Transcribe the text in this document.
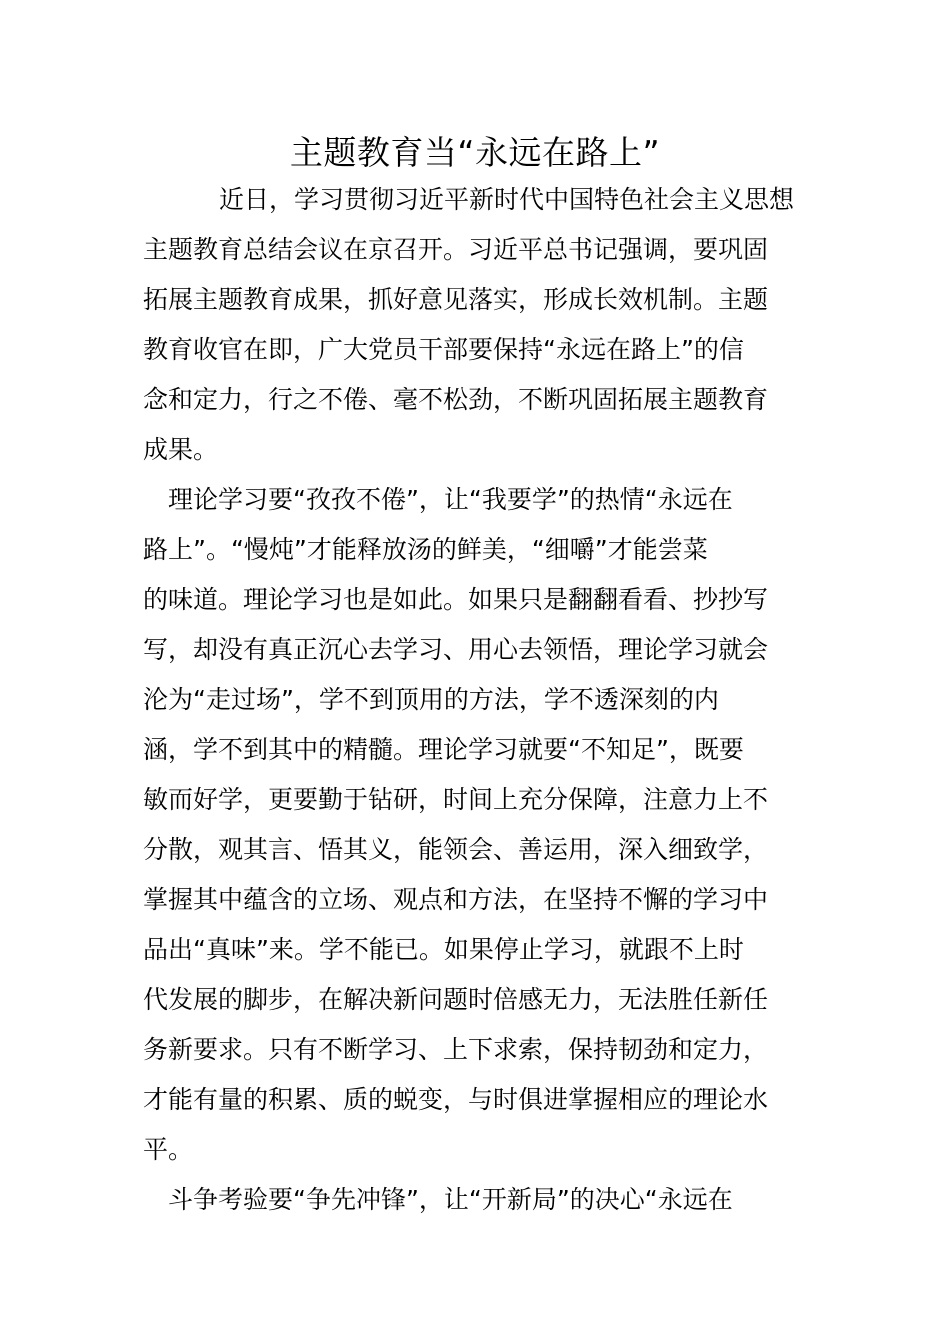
主题教育当“永远在路上”

近日，学习贯彻习近平新时代中国特色社会主义思想
主题教育总结会议在京召开。习近平总书记强调，要巩固
拓展主题教育成果，抓好意见落实，形成长效机制。主题
教育收官在即，广大党员干部要保持“永远在路上”的信
念和定力，行之不倦、毫不松劲，不断巩固拓展主题教育
成果。

理论学习要“孜孜不倦”，让“我要学”的热情“永远在
路上”。“慢炖”才能释放汤的鲜美，“细嚼”才能尝菜
的味道。理论学习也是如此。如果只是翻翻看看、抄抄写
写，却没有真正沉心去学习、用心去领悟，理论学习就会
沦为“走过场”，学不到顶用的方法，学不透深刻的内
涵，学不到其中的精髓。理论学习就要“不知足”，既要
敏而好学，更要勤于钻研，时间上充分保障，注意力上不
分散，观其言、悟其义，能领会、善运用，深入细致学，
掌握其中蕴含的立场、观点和方法，在坚持不懈的学习中
品出“真味”来。学不能已。如果停止学习，就跟不上时
代发展的脚步，在解决新问题时倍感无力，无法胜任新任
务新要求。只有不断学习、上下求索，保持韧劲和定力，
才能有量的积累、质的蜕变，与时俱进掌握相应的理论水
平。

斗争考验要“争先冲锋”，让“开新局”的决心“永远在
